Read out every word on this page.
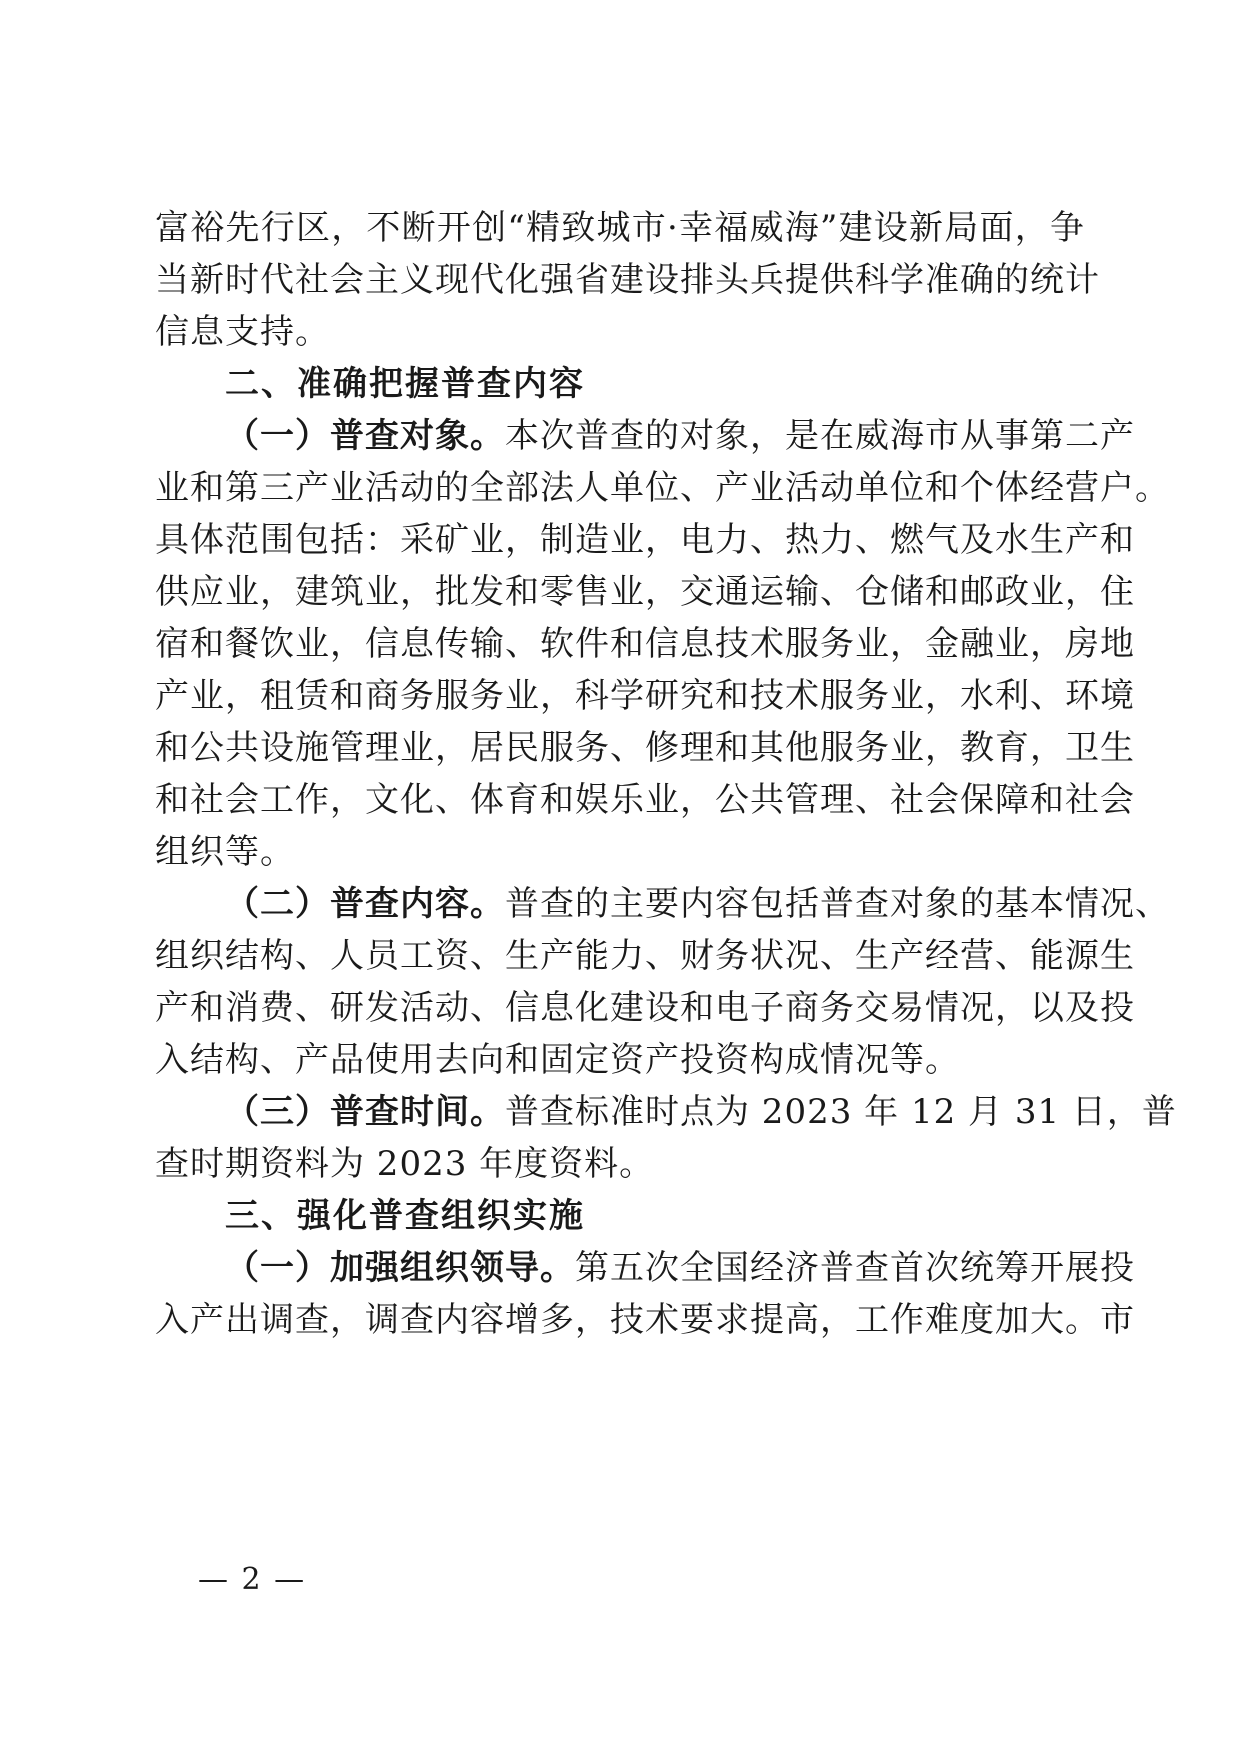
富裕先行区，不断开创“精致城市·幸福威海”建设新局面，争
当新时代社会主义现代化强省建设排头兵提供科学准确的统计
信息支持。
二、准确把握普查内容
（一）普查对象。本次普查的对象，是在威海市从事第二产
业和第三产业活动的全部法人单位、产业活动单位和个体经营户。
具体范围包括：采矿业，制造业，电力、热力、燃气及水生产和
供应业，建筑业，批发和零售业，交通运输、仓储和邮政业，住
宿和餐饮业，信息传输、软件和信息技术服务业，金融业，房地
产业，租赁和商务服务业，科学研究和技术服务业，水利、环境
和公共设施管理业，居民服务、修理和其他服务业，教育，卫生
和社会工作，文化、体育和娱乐业，公共管理、社会保障和社会
组织等。
（二）普查内容。普查的主要内容包括普查对象的基本情况、
组织结构、人员工资、生产能力、财务状况、生产经营、能源生
产和消费、研发活动、信息化建设和电子商务交易情况，以及投
入结构、产品使用去向和固定资产投资构成情况等。
（三）普查时间。普查标准时点为 2023 年 12 月 31 日，普
查时期资料为 2023 年度资料。
三、强化普查组织实施
（一）加强组织领导。第五次全国经济普查首次统筹开展投
入产出调查，调查内容增多，技术要求提高，工作难度加大。市
— 2 —
